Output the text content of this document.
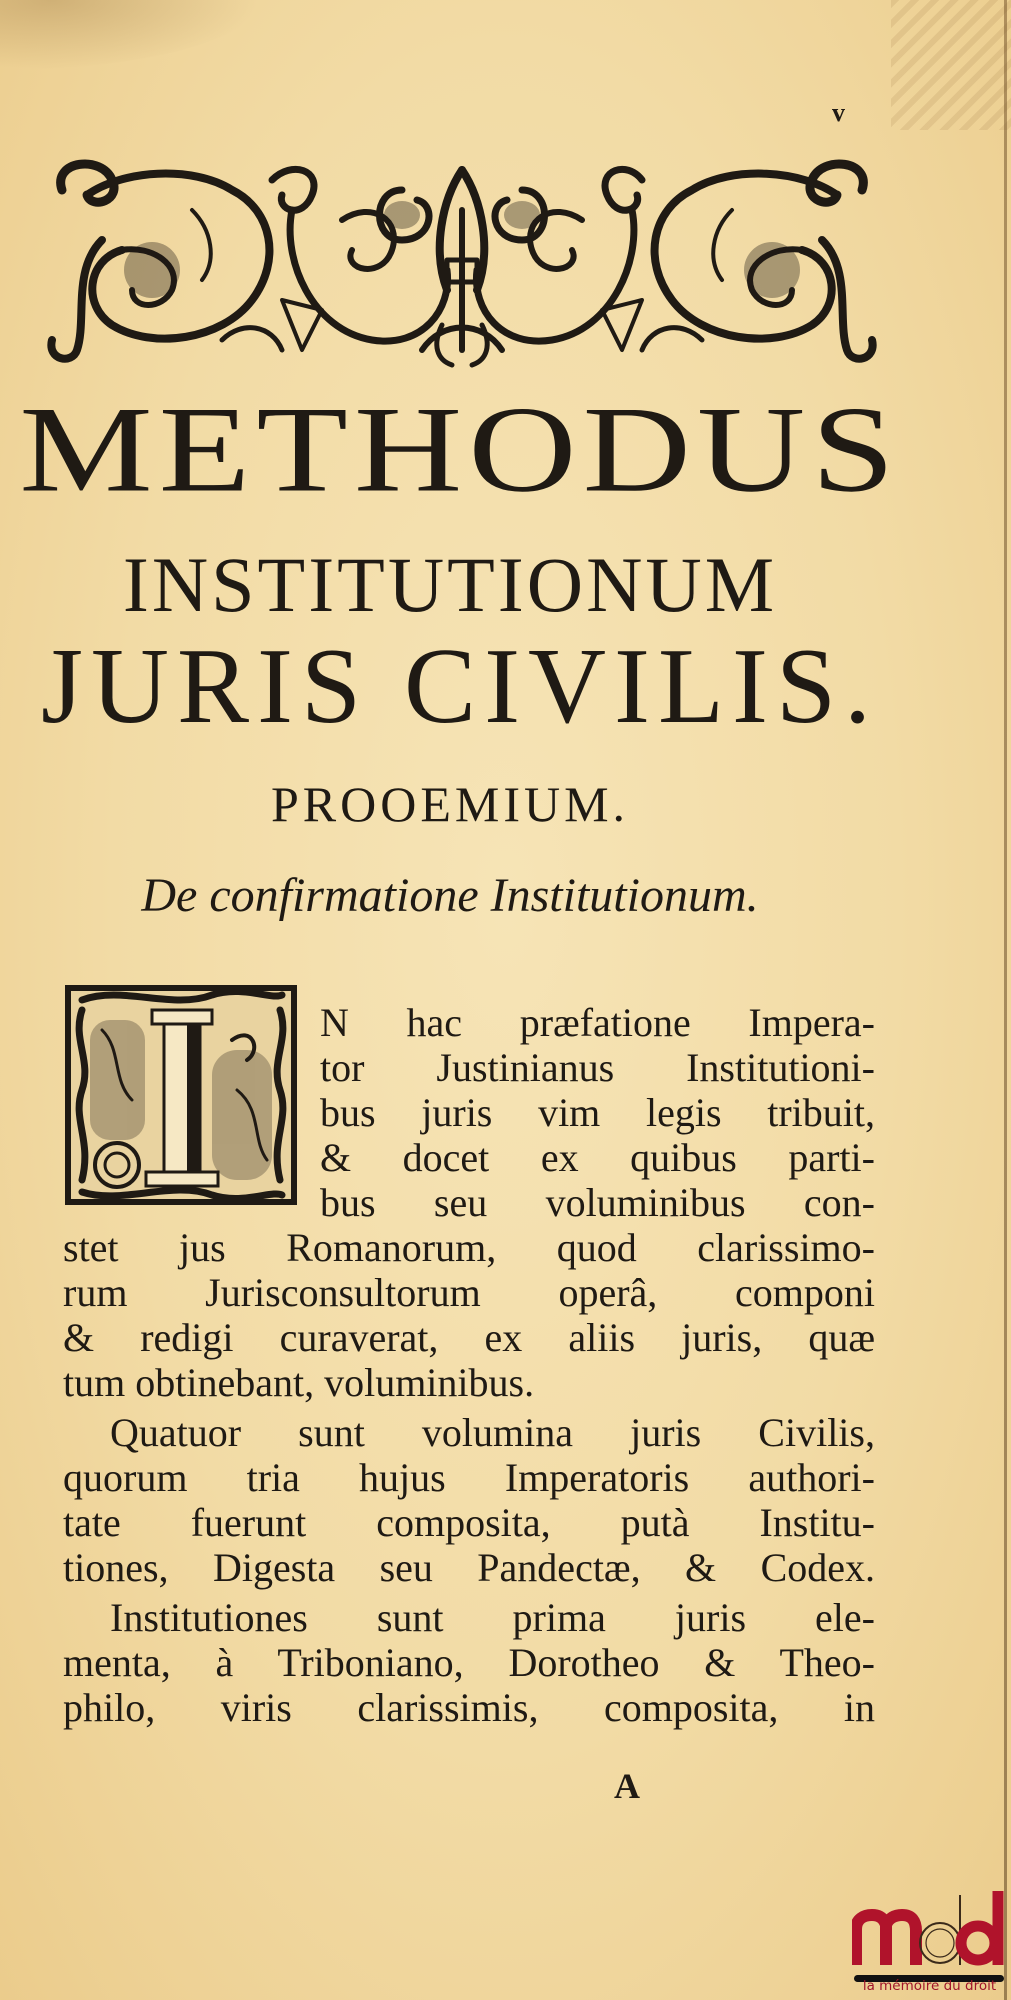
v
METHODUS
INSTITUTIONUM
JURIS CIVILIS.
PROOEMIUM.
De confirmatione Institutionum.
N hac præfatione Impera-
tor Justinianus Institutioni-
bus juris vim legis tribuit,
& docet ex quibus parti-
bus seu voluminibus con-
stet jus Romanorum, quod clarissimo-
rum Jurisconsultorum operâ, componi
& redigi curaverat, ex aliis juris, quæ
tum obtinebant, voluminibus.
Quatuor sunt volumina juris Civilis,
quorum tria hujus Imperatoris authori-
tate fuerunt composita, putà Institu-
tiones, Digesta seu Pandectæ, & Codex.
Institutiones sunt prima juris ele-
menta, à Triboniano, Dorotheo & Theo-
philo, viris clarissimis, composita, in
A
la mémoire du droit
